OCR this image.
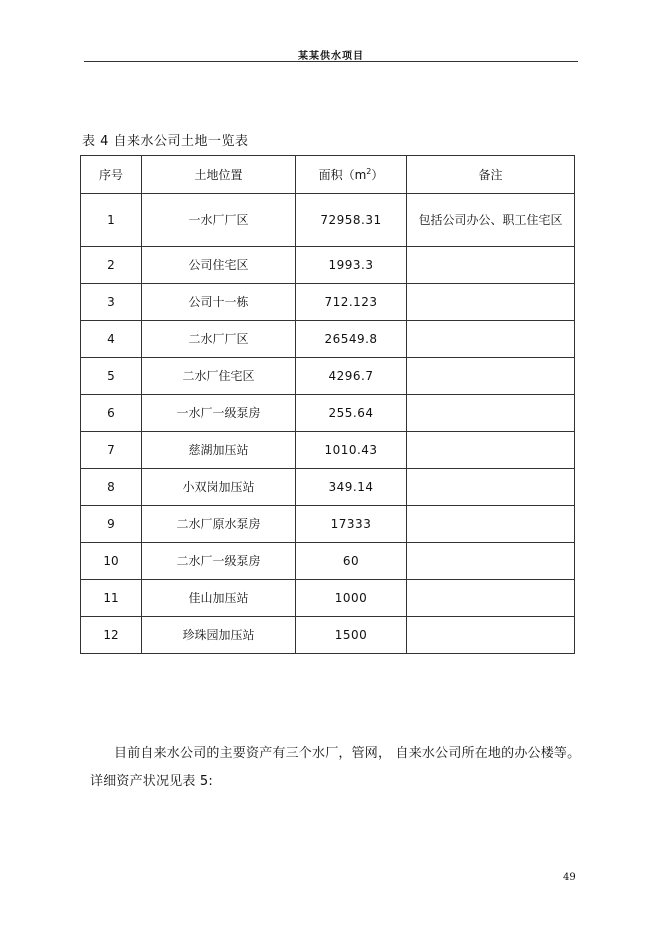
某某供水项目
表 4 自来水公司土地一览表
序号	土地位置	面积$(m^2)$	备注
1	一水厂厂区	72958.31	包括公司办公、职工住宅区
2	公司住宅区	1993.3	
3	公司十一栋	712.123	
4	二水厂厂区	26549.8	
5	二水厂住宅区	4296.7	
6	一水厂一级泵房	255.64	
7	慈湖加压站	1010.43	
8	小双岗加压站	349.14	
9	二水厂原水泵房	17333	
10	二水厂一级泵房	60	
11	佳山加压站	1000	
12	珍珠园加压站	1500	
目前自来水公司的主要资产有三个水厂，管网， 自来水公司所在地的办公楼等。详细资产状况见表 5:
49
